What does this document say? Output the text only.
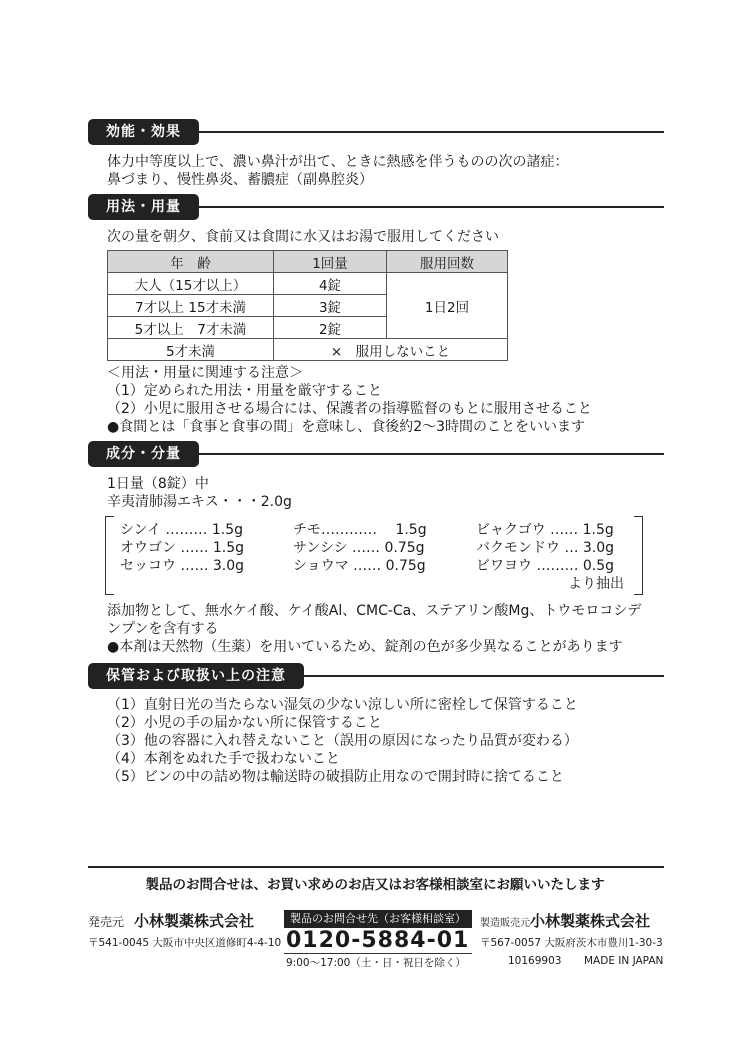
効能・効果
体力中等度以上で、濃い鼻汁が出て、ときに熱感を伴うものの次の諸症：
鼻づまり、慢性鼻炎、蓄膿症（副鼻腔炎）
用法・用量
次の量を朝夕、食前又は食間に水又はお湯で服用してください
年　齢	1回量	服用回数
大人（15才以上）	4錠	1日2回
7才以上 15才未満	3錠	
5才以上　7才未満	2錠	
5才未満	×　服用しないこと	
＜用法・用量に関連する注意＞
（1）定められた用法・用量を厳守すること
（2）小児に服用させる場合には、保護者の指導監督のもとに服用させること
●食間とは「食事と食事の間」を意味し、食後約2〜3時間のことをいいます
成分・分量
1日量（8錠）中
辛夷清肺湯エキス・・・2.0g
シンイ ……… 1.5g	チモ………… 　1.5g	ビャクゴウ …… 1.5g
オウゴン …… 1.5g	サンシシ …… 0.75g	バクモンドウ … 3.0g
セッコウ …… 3.0g	ショウマ …… 0.75g	ビワヨウ ……… 0.5g
より抽出
添加物として、無水ケイ酸、ケイ酸Al、CMC-Ca、ステアリン酸Mg、トウモロコシデ
ンプンを含有する
●本剤は天然物（生薬）を用いているため、錠剤の色が多少異なることがあります
保管および取扱い上の注意
（1）直射日光の当たらない湿気の少ない涼しい所に密栓して保管すること
（2）小児の手の届かない所に保管すること
（3）他の容器に入れ替えないこと（誤用の原因になったり品質が変わる）
（4）本剤をぬれた手で扱わないこと
（5）ビンの中の詰め物は輸送時の破損防止用なので開封時に捨てること
製品のお問合せは、お買い求めのお店又はお客様相談室にお願いいたします
発売元 小林製薬株式会社
〒541-0045 大阪市中央区道修町4-4-10
製品のお問合せ先（お客様相談室）
0120-5884-01
9:00〜17:00（土・日・祝日を除く）
製造販売元 小林製薬株式会社
〒567-0057 大阪府茨木市豊川1-30-3
10169903 MADE IN JAPAN
